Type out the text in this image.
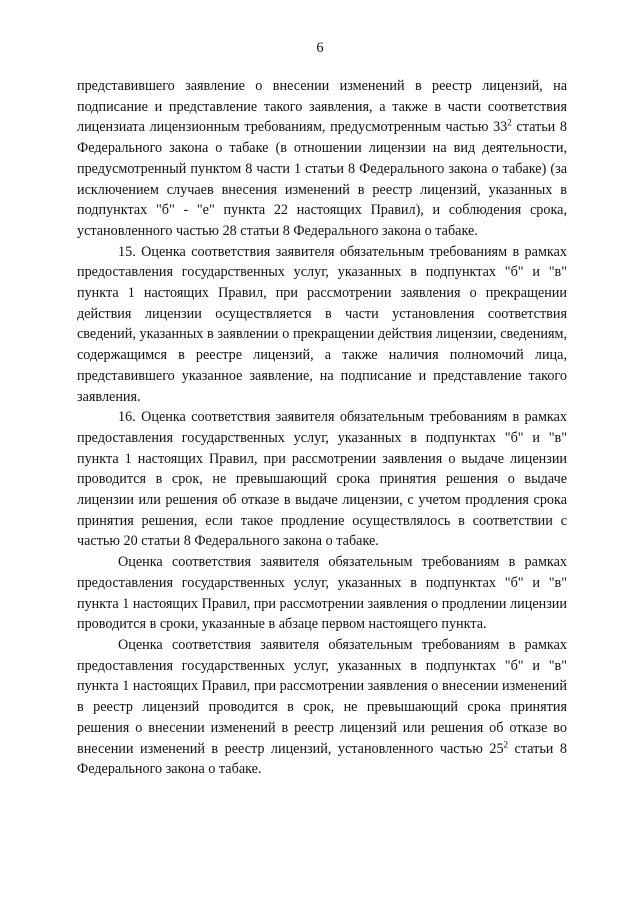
6

представившего заявление о внесении изменений в реестр лицензий, на подписание и представление такого заявления, а также в части соответствия лицензиата лицензионным требованиям, предусмотренным частью $33^2$ статьи 8 Федерального закона о табаке (в отношении лицензии на вид деятельности, предусмотренный пунктом 8 части 1 статьи 8 Федерального закона о табаке) (за исключением случаев внесения изменений в реестр лицензий, указанных в подпунктах "б" - "е" пункта 22 настоящих Правил), и соблюдения срока, установленного частью 28 статьи 8 Федерального закона о табаке.

15. Оценка соответствия заявителя обязательным требованиям в рамках предоставления государственных услуг, указанных в подпунктах "б" и "в" пункта 1 настоящих Правил, при рассмотрении заявления о прекращении действия лицензии осуществляется в части установления соответствия сведений, указанных в заявлении о прекращении действия лицензии, сведениям, содержащимся в реестре лицензий, а также наличия полномочий лица, представившего указанное заявление, на подписание и представление такого заявления.

16. Оценка соответствия заявителя обязательным требованиям в рамках предоставления государственных услуг, указанных в подпунктах "б" и "в" пункта 1 настоящих Правил, при рассмотрении заявления о выдаче лицензии проводится в срок, не превышающий срока принятия решения о выдаче лицензии или решения об отказе в выдаче лицензии, с учетом продления срока принятия решения, если такое продление осуществлялось в соответствии с частью 20 статьи 8 Федерального закона о табаке.

Оценка соответствия заявителя обязательным требованиям в рамках предоставления государственных услуг, указанных в подпунктах "б" и "в" пункта 1 настоящих Правил, при рассмотрении заявления о продлении лицензии проводится в сроки, указанные в абзаце первом настоящего пункта.

Оценка соответствия заявителя обязательным требованиям в рамках предоставления государственных услуг, указанных в подпунктах "б" и "в" пункта 1 настоящих Правил, при рассмотрении заявления о внесении изменений в реестр лицензий проводится в срок, не превышающий срока принятия решения о внесении изменений в реестр лицензий или решения об отказе во внесении изменений в реестр лицензий, установленного частью $25^2$ статьи 8 Федерального закона о табаке.
